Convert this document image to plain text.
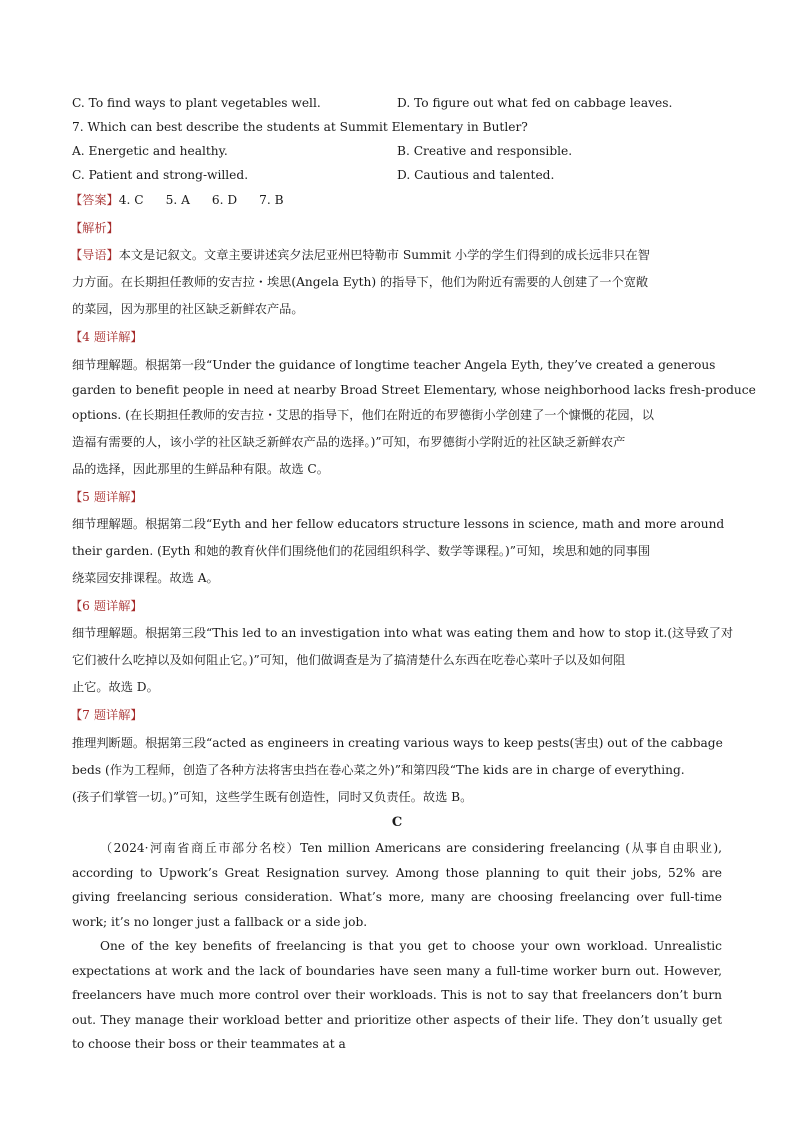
C. To find ways to plant vegetables well.	D. To figure out what fed on cabbage leaves.
7. Which can best describe the students at Summit Elementary in Butler?
A. Energetic and healthy.	B. Creative and responsible.
C. Patient and strong-willed.	D. Cautious and talented.
【答案】4. C 5. A 6. D 7. B
【解析】
【导语】本文是记叙文。文章主要讲述宾夕法尼亚州巴特勒市 Summit 小学的学生们得到的成长远非只在智
力方面。在长期担任教师的安吉拉・埃思(Angela Eyth) 的指导下，他们为附近有需要的人创建了一个宽敞
的菜园，因为那里的社区缺乏新鲜农产品。
【4 题详解】
细节理解题。根据第一段“Under the guidance of longtime teacher Angela Eyth, they’ve created a generous
garden to benefit people in need at nearby Broad Street Elementary, whose neighborhood lacks fresh-produce
options. (在长期担任教师的安吉拉・艾思的指导下，他们在附近的布罗德街小学创建了一个慷慨的花园，以
造福有需要的人，该小学的社区缺乏新鲜农产品的选择。)”可知，布罗德街小学附近的社区缺乏新鲜农产
品的选择，因此那里的生鲜品种有限。故选 C。
【5 题详解】
细节理解题。根据第二段“Eyth and her fellow educators structure lessons in science, math and more around
their garden. (Eyth 和她的教育伙伴们围绕他们的花园组织科学、数学等课程。)”可知，埃思和她的同事围
绕菜园安排课程。故选 A。
【6 题详解】
细节理解题。根据第三段“This led to an investigation into what was eating them and how to stop it.(这导致了对
它们被什么吃掉以及如何阻止它。)”可知，他们做调查是为了搞清楚什么东西在吃卷心菜叶子以及如何阻
止它。故选 D。
【7 题详解】
推理判断题。根据第三段“acted as engineers in creating various ways to keep pests(害虫) out of the cabbage
beds (作为工程师，创造了各种方法将害虫挡在卷心菜之外)”和第四段“The kids are in charge of everything.
(孩子们掌管一切。)”可知，这些学生既有创造性，同时又负责任。故选 B。
C
（2024·河南省商丘市部分名校）Ten million Americans are considering freelancing (从事自由职业), according to Upwork’s Great Resignation survey. Among those planning to quit their jobs, 52% are giving freelancing serious consideration. What’s more, many are choosing freelancing over full-time work; it’s no longer just a fallback or a side job.
One of the key benefits of freelancing is that you get to choose your own workload. Unrealistic expectations at work and the lack of boundaries have seen many a full-time worker burn out. However, freelancers have much more control over their workloads. This is not to say that freelancers don’t burn out. They manage their workload better and prioritize other aspects of their life. They don’t usually get to choose their boss or their teammates at a
